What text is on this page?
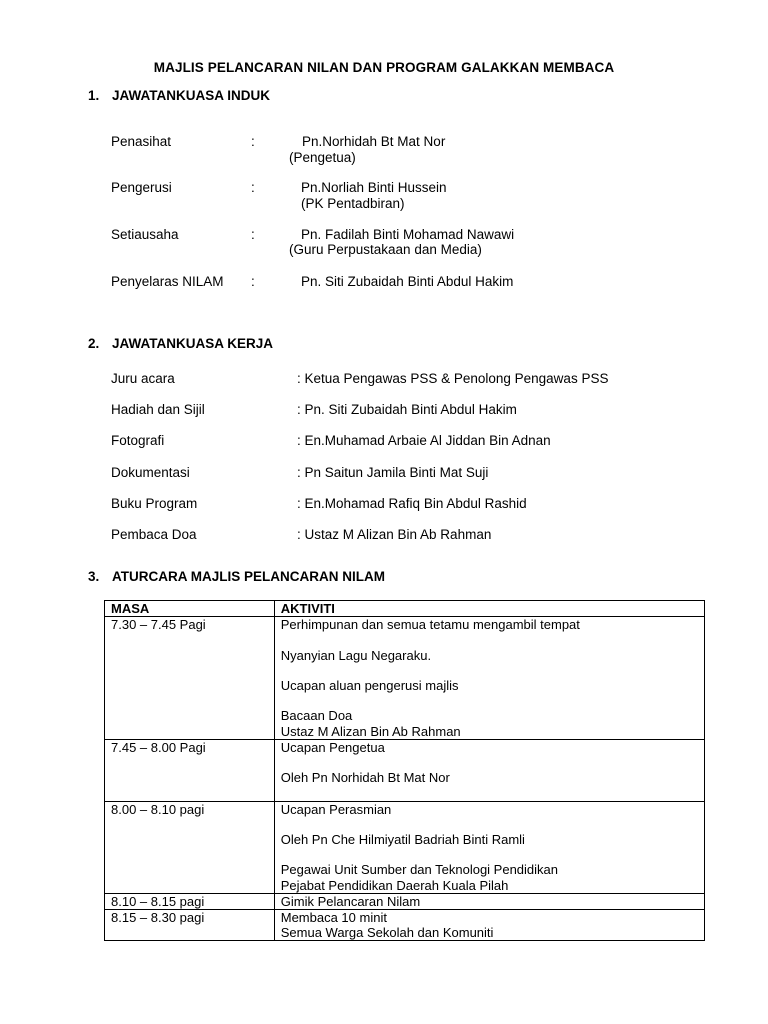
MAJLIS PELANCARAN NILAN DAN PROGRAM GALAKKAN MEMBACA
1. JAWATANKUASA INDUK
Penasihat	:	Pn.Norhidah Bt Mat Nor
(Pengetua)
Pengerusi	:	Pn.Norliah Binti Hussein
(PK Pentadbiran)
Setiausaha	:	Pn. Fadilah Binti Mohamad Nawawi
(Guru Perpustakaan dan Media)
Penyelaras NILAM :	Pn. Siti Zubaidah Binti Abdul Hakim
2. JAWATANKUASA KERJA
Juru acara	: Ketua Pengawas PSS & Penolong Pengawas PSS
Hadiah dan Sijil	: Pn. Siti Zubaidah Binti Abdul Hakim
Fotografi	: En.Muhamad Arbaie Al Jiddan Bin Adnan
Dokumentasi	: Pn Saitun Jamila Binti Mat Suji
Buku Program	: En.Mohamad Rafiq Bin Abdul Rashid
Pembaca Doa	: Ustaz M Alizan Bin Ab Rahman
3. ATURCARA MAJLIS PELANCARAN NILAM
MASA	AKTIVITI
7.30 – 7.45 Pagi	Perhimpunan dan semua tetamu mengambil tempat
Nyanyian Lagu Negaraku.
Ucapan aluan pengerusi majlis
Bacaan Doa
Ustaz M Alizan Bin Ab Rahman

7.45 – 8.00 Pagi	Ucapan Pengetua
Oleh Pn Norhidah Bt Mat Nor

8.00 – 8.10 pagi	Ucapan Perasmian
Oleh Pn Che Hilmiyatil Badriah Binti Ramli
Pegawai Unit Sumber dan Teknologi Pendidikan
Pejabat Pendidikan Daerah Kuala Pilah

8.10 – 8.15 pagi	Gimik Pelancaran Nilam

8.15 – 8.30 pagi	Membaca 10 minit
Semua Warga Sekolah dan Komuniti
